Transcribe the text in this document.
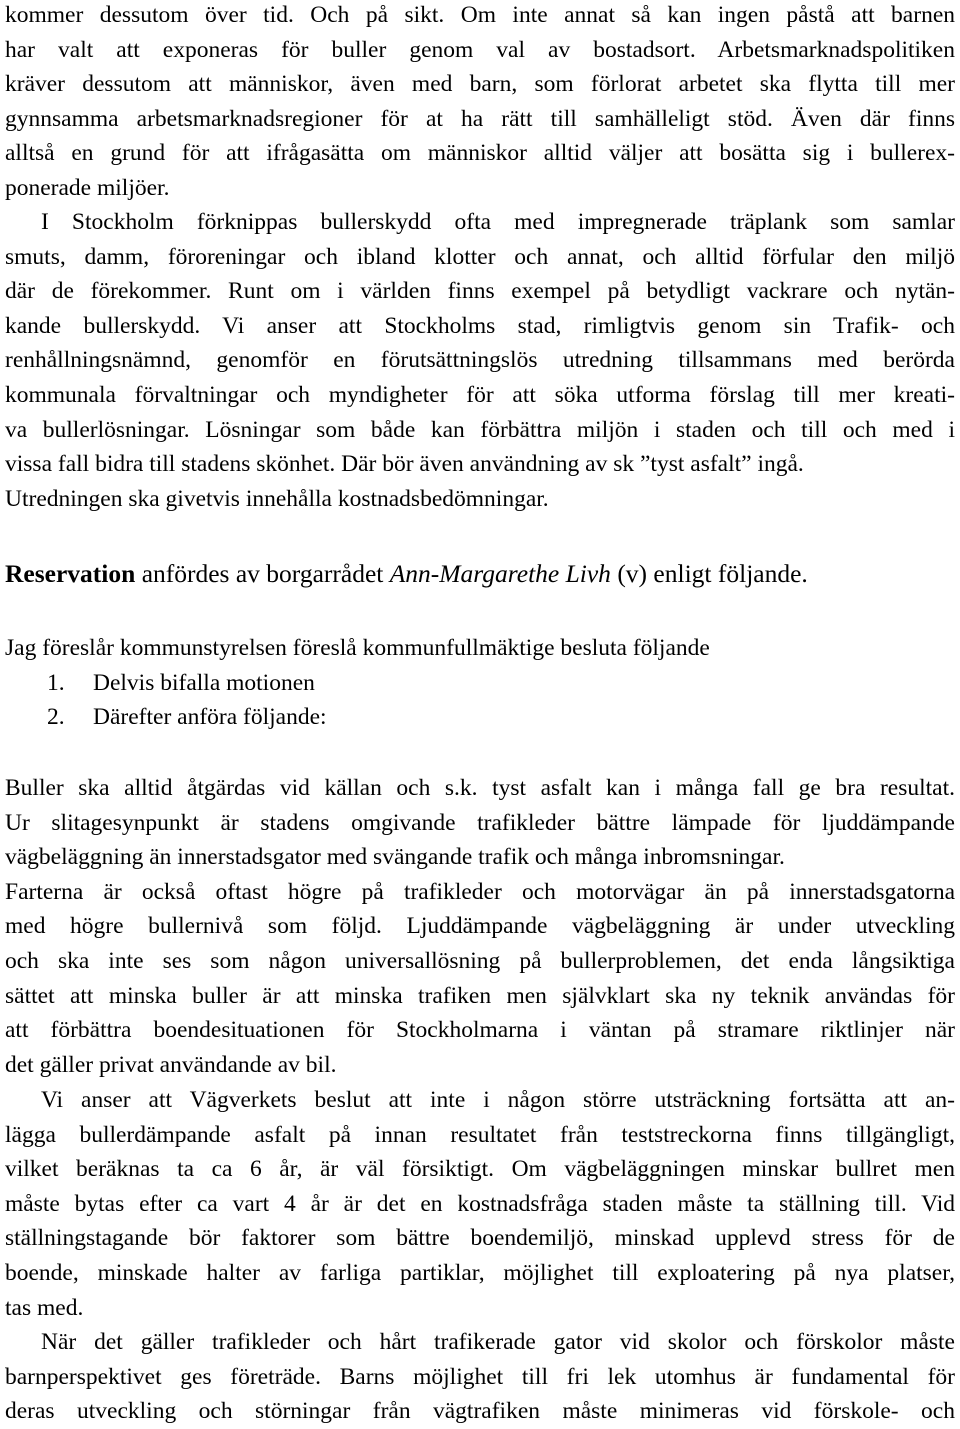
kommer dessutom över tid. Och på sikt. Om inte annat så kan ingen påstå att barnen
har valt att exponeras för buller genom val av bostadsort. Arbetsmarknadspolitiken
kräver dessutom att människor, även med barn, som förlorat arbetet ska flytta till mer
gynnsamma arbetsmarknadsregioner för at ha rätt till samhälleligt stöd. Även där finns
alltså en grund för att ifrågasätta om människor alltid väljer att bosätta sig i bullerex-
ponerade miljöer.
I Stockholm förknippas bullerskydd ofta med impregnerade träplank som samlar
smuts, damm, föroreningar och ibland klotter och annat, och alltid förfular den miljö
där de förekommer. Runt om i världen finns exempel på betydligt vackrare och nytän-
kande bullerskydd. Vi anser att Stockholms stad, rimligtvis genom sin Trafik- och
renhållningsnämnd, genomför en förutsättningslös utredning tillsammans med berörda
kommunala förvaltningar och myndigheter för att söka utforma förslag till mer kreati-
va bullerlösningar. Lösningar som både kan förbättra miljön i staden och till och med i
vissa fall bidra till stadens skönhet. Där bör även användning av sk ”tyst asfalt” ingå.
Utredningen ska givetvis innehålla kostnadsbedömningar.
Reservation anfördes av borgarrådet Ann-Margarethe Livh (v) enligt följande.
Jag föreslår kommunstyrelsen föreslå kommunfullmäktige besluta följande
1. Delvis bifalla motionen
2. Därefter anföra följande:
Buller ska alltid åtgärdas vid källan och s.k. tyst asfalt kan i många fall ge bra resultat.
Ur slitagesynpunkt är stadens omgivande trafikleder bättre lämpade för ljuddämpande
vägbeläggning än innerstadsgator med svängande trafik och många inbromsningar.
Farterna är också oftast högre på trafikleder och motorvägar än på innerstadsgatorna
med högre bullernivå som följd. Ljuddämpande vägbeläggning är under utveckling
och ska inte ses som någon universallösning på bullerproblemen, det enda långsiktiga
sättet att minska buller är att minska trafiken men självklart ska ny teknik användas för
att förbättra boendesituationen för Stockholmarna i väntan på stramare riktlinjer när
det gäller privat användande av bil.
Vi anser att Vägverkets beslut att inte i någon större utsträckning fortsätta att an-
lägga bullerdämpande asfalt på innan resultatet från teststreckorna finns tillgängligt,
vilket beräknas ta ca 6 år, är väl försiktigt. Om vägbeläggningen minskar bullret men
måste bytas efter ca vart 4 år är det en kostnadsfråga staden måste ta ställning till. Vid
ställningstagande bör faktorer som bättre boendemiljö, minskad upplevd stress för de
boende, minskade halter av farliga partiklar, möjlighet till exploatering på nya platser,
tas med.
När det gäller trafikleder och hårt trafikerade gator vid skolor och förskolor måste
barnperspektivet ges företräde. Barns möjlighet till fri lek utomhus är fundamental för
deras utveckling och störningar från vägtrafiken måste minimeras vid förskole- och
